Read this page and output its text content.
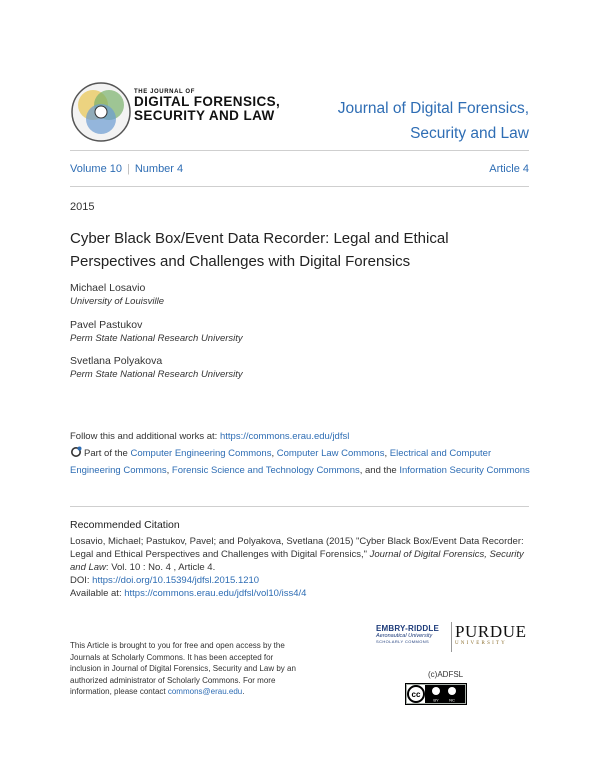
THE JOURNAL OF
DIGITAL FORENSICS,
SECURITY AND LAW	Journal of Digital Forensics,
Security and Law
Volume 10 | Number 4	Article 4
2015
Cyber Black Box/Event Data Recorder: Legal and Ethical Perspectives and Challenges with Digital Forensics
Michael Losavio
University of Louisville
Pavel Pastukov
Perm State National Research University
Svetlana Polyakova
Perm State National Research University
Follow this and additional works at: https://commons.erau.edu/jdfsl
Part of the Computer Engineering Commons, Computer Law Commons, Electrical and Computer Engineering Commons, Forensic Science and Technology Commons, and the Information Security Commons
Recommended Citation
Losavio, Michael; Pastukov, Pavel; and Polyakova, Svetlana (2015) "Cyber Black Box/Event Data Recorder: Legal and Ethical Perspectives and Challenges with Digital Forensics," Journal of Digital Forensics, Security and Law: Vol. 10 : No. 4 , Article 4.
DOI: https://doi.org/10.15394/jdfsl.2015.1210
Available at: https://commons.erau.edu/jdfsl/vol10/iss4/4
This Article is brought to you for free and open access by the Journals at Scholarly Commons. It has been accepted for inclusion in Journal of Digital Forensics, Security and Law by an authorized administrator of Scholarly Commons. For more information, please contact commons@erau.edu.
EMBRY-RIDDLE
Aeronautical University
SCHOLARLY COMMONS
PURDUE
UNIVERSITY
(c)ADFSL
cc
BY	NC
